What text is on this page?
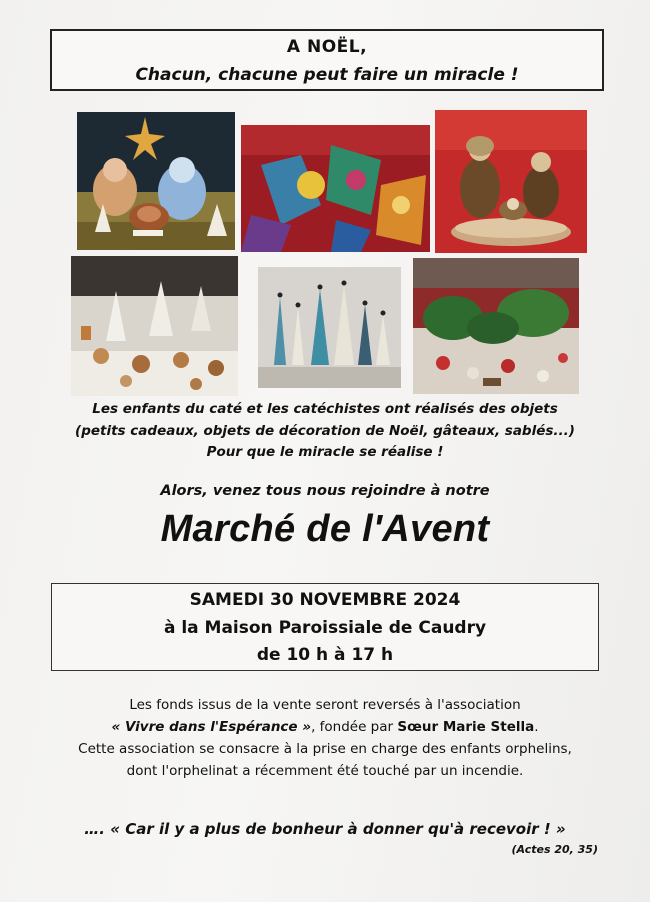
A NOËL,
Chacun, chacune peut faire un miracle !
Les enfants du caté et les catéchistes ont réalisés des objets
(petits cadeaux, objets de décoration de Noël, gâteaux, sablés...)
Pour que le miracle se réalise !
Alors, venez tous nous rejoindre à notre
Marché de l'Avent
SAMEDI 30 NOVEMBRE 2024
à la Maison Paroissiale de Caudry
de 10 h à 17 h
Les fonds issus de la vente seront reversés à l'association
« Vivre dans l'Espérance », fondée par Sœur Marie Stella.
Cette association se consacre à la prise en charge des enfants orphelins,
dont l'orphelinat a récemment été touché par un incendie.
…. « Car il y a plus de bonheur à donner qu'à recevoir ! »
(Actes 20, 35)
